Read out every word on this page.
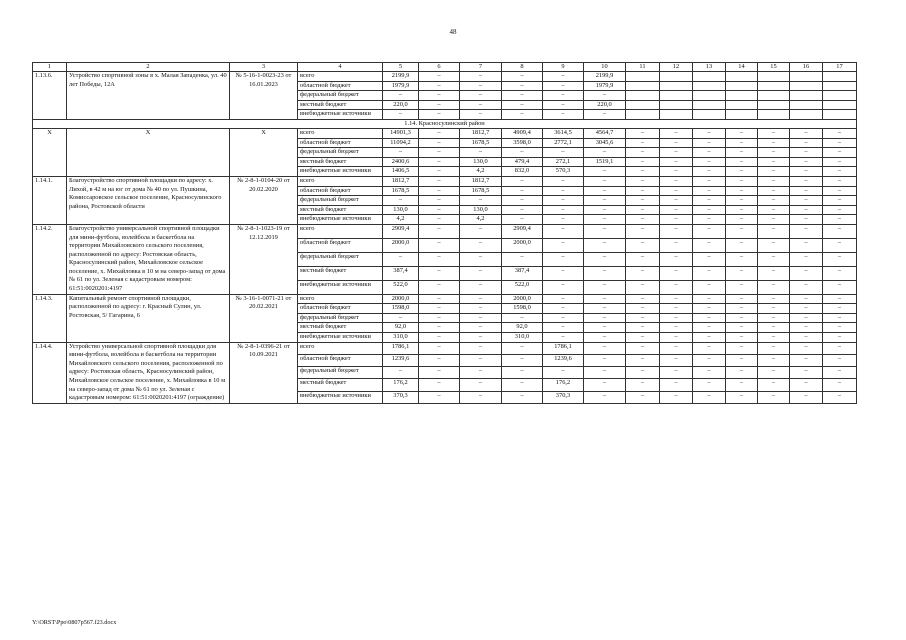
48
1	2	3	4	5	6	7	8	9	10	11	12	13	14	15	16	17
1.13.6.	Устройство спортивной зоны в х. Малая Западенка, ул. 40 лет Победы, 12А	№ 5-16-1-0023-23 от 16.01.2023	всего	2199,9	–	–	–	–	2199,9							
			областной бюджет	1979,9	–	–	–	–	1979,9							
			федеральный бюджет	–	–	–	–	–	–							
			местный бюджет	220,0	–	–	–	–	220,0							
			внебюджетные источники	–	–	–	–	–	–							
1.14. Красносулинский район																
Х	Х	Х	всего	14901,3	–	1812,7	4909,4	3614,5	4564,7	–	–	–	–	–	–	–
			областной бюджет	11094,2	–	1678,5	3598,0	2772,1	3045,6	–	–	–	–	–	–	–
			федеральный бюджет	–	–	–	–	–	–	–	–	–	–	–	–	–
			местный бюджет	2400,6	–	130,0	479,4	272,1	1519,1	–	–	–	–	–	–	–
			внебюджетные источники	1406,5	–	4,2	832,0	570,3	–	–	–	–	–	–	–	–
1.14.1.	Благоустройство спортивной площадки по адресу: х. Лихой, в 42 м на юг от дома № 40 по ул. Пушкина, Комиссаровское сельское поселение, Красносулинского района, Ростовской области	№ 2-8-1-0104-20 от 20.02.2020	всего	1812,7	–	1812,7	–	–	–	–	–	–	–	–	–	–
			областной бюджет	1678,5	–	1678,5	–	–	–	–	–	–	–	–	–	–
			федеральный бюджет	–	–	–	–	–	–	–	–	–	–	–	–	–
			местный бюджет	130,0	–	130,0	–	–	–	–	–	–	–	–	–	–
			внебюджетные источники	4,2	–	4,2	–	–	–	–	–	–	–	–	–	–
1.14.2.	Благоустройство универсальной спортивной площадки для мини-футбола, волейбола и баскетбола на территории Михайловского сельского поселения, расположенной по адресу: Ростовская область, Красносулинский район, Михайловское сельское поселение, х. Михайловка в 10 м на северо-запад от дома № 61 по ул. Зеленая с кадастровым номером: 61:51:0020201:4197	№ 2-8-1-1023-19 от 12.12.2019	всего	2909,4	–	–	2909,4	–	–	–	–	–	–	–	–	–
			областной бюджет	2000,0	–	–	2000,0	–	–	–	–	–	–	–	–	–
			федеральный бюджет	–	–	–	–	–	–	–	–	–	–	–	–	–
			местный бюджет	387,4	–	–	387,4	–	–	–	–	–	–	–	–	–
			внебюджетные источники	522,0	–	–	522,0	–	–	–	–	–	–	–	–	–
1.14.3.	Капитальный ремонт спортивной площадки, расположенной по адресу: г. Красный Сулин, ул. Ростовская, 5/ Гагарина, 6	№ 3-16-1-0071-21 от 20.02.2021	всего	2000,0	–	–	2000,0	–	–	–	–	–	–	–	–	–
			областной бюджет	1598,0	–	–	1598,0	–	–	–	–	–	–	–	–	–
			федеральный бюджет	–	–	–	–	–	–	–	–	–	–	–	–	–
			местный бюджет	92,0	–	–	92,0	–	–	–	–	–	–	–	–	–
			внебюджетные источники	310,0	–	–	310,0	–	–	–	–	–	–	–	–	–
1.14.4.	Устройство универсальной спортивной площадки для мини-футбола, волейбола и баскетбола на территории Михайловского сельского поселения, расположенной по адресу: Ростовская область, Красносулинский район, Михайловское сельское поселение, х. Михайловка в 10 м на северо-запад от дома № 61 по ул. Зеленая с кадастровым номером: 61:51:0020201:4197 (ограждение)	№ 2-8-1-0396-21 от 10.09.2021	всего	1786,1	–	–	–	1786,1	–	–	–	–	–	–	–	–
			областной бюджет	1239,6	–	–	–	1239,6	–	–	–	–	–	–	–	–
			федеральный бюджет	–	–	–	–	–	–	–	–	–	–	–	–	–
			местный бюджет	176,2	–	–	–	176,2	–	–	–	–	–	–	–	–
			внебюджетные источники	370,3	–	–	–	370,3	–	–	–	–	–	–	–	–
Y:\ORST\Ppo\0807p567.f23.docx
